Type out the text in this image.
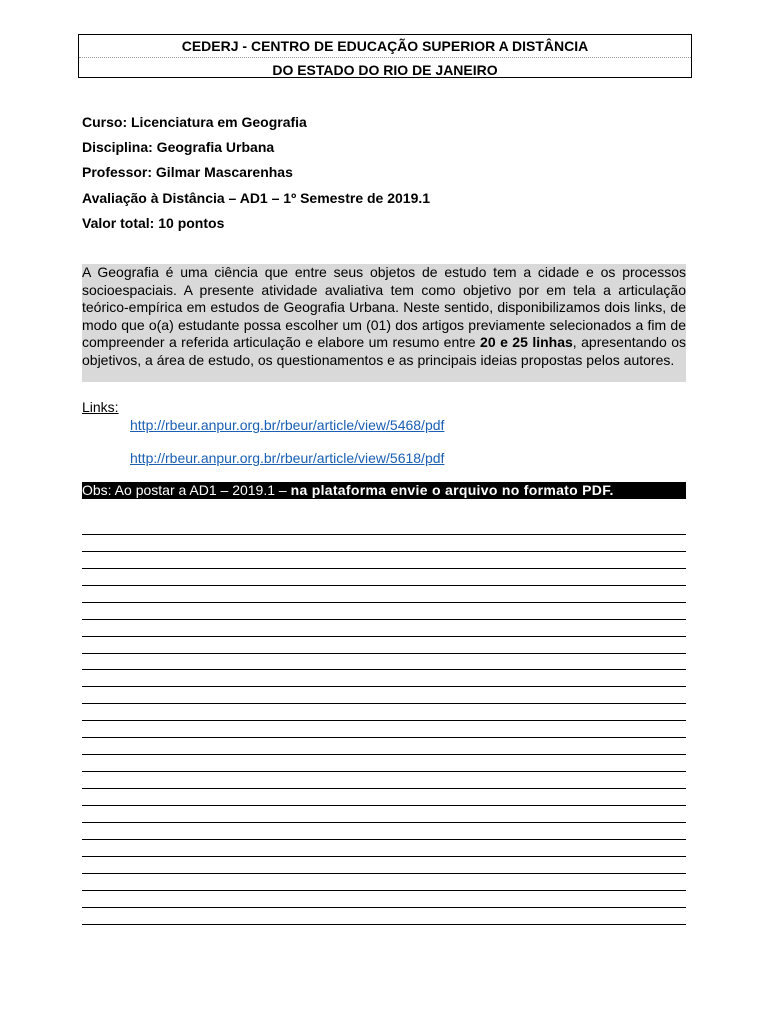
CEDERJ - CENTRO DE EDUCAÇÃO SUPERIOR A DISTÂNCIA
DO ESTADO DO RIO DE JANEIRO
Curso: Licenciatura em Geografia
Disciplina: Geografia Urbana
Professor: Gilmar Mascarenhas
Avaliação à Distância – AD1 – 1º Semestre de 2019.1
Valor total: 10 pontos

A Geografia é uma ciência que entre seus objetos de estudo tem a cidade e os processos socioespaciais. A presente atividade avaliativa tem como objetivo por em tela a articulação teórico-empírica em estudos de Geografia Urbana. Neste sentido, disponibilizamos dois links, de modo que o(a) estudante possa escolher um (01) dos artigos previamente selecionados a fim de compreender a referida articulação e elabore um resumo entre 20 e 25 linhas, apresentando os objetivos, a área de estudo, os questionamentos e as principais ideias propostas pelos autores.

Links:
http://rbeur.anpur.org.br/rbeur/article/view/5468/pdf
http://rbeur.anpur.org.br/rbeur/article/view/5618/pdf
Obs: Ao postar a AD1 – 2019.1 – na plataforma envie o arquivo no formato PDF.
